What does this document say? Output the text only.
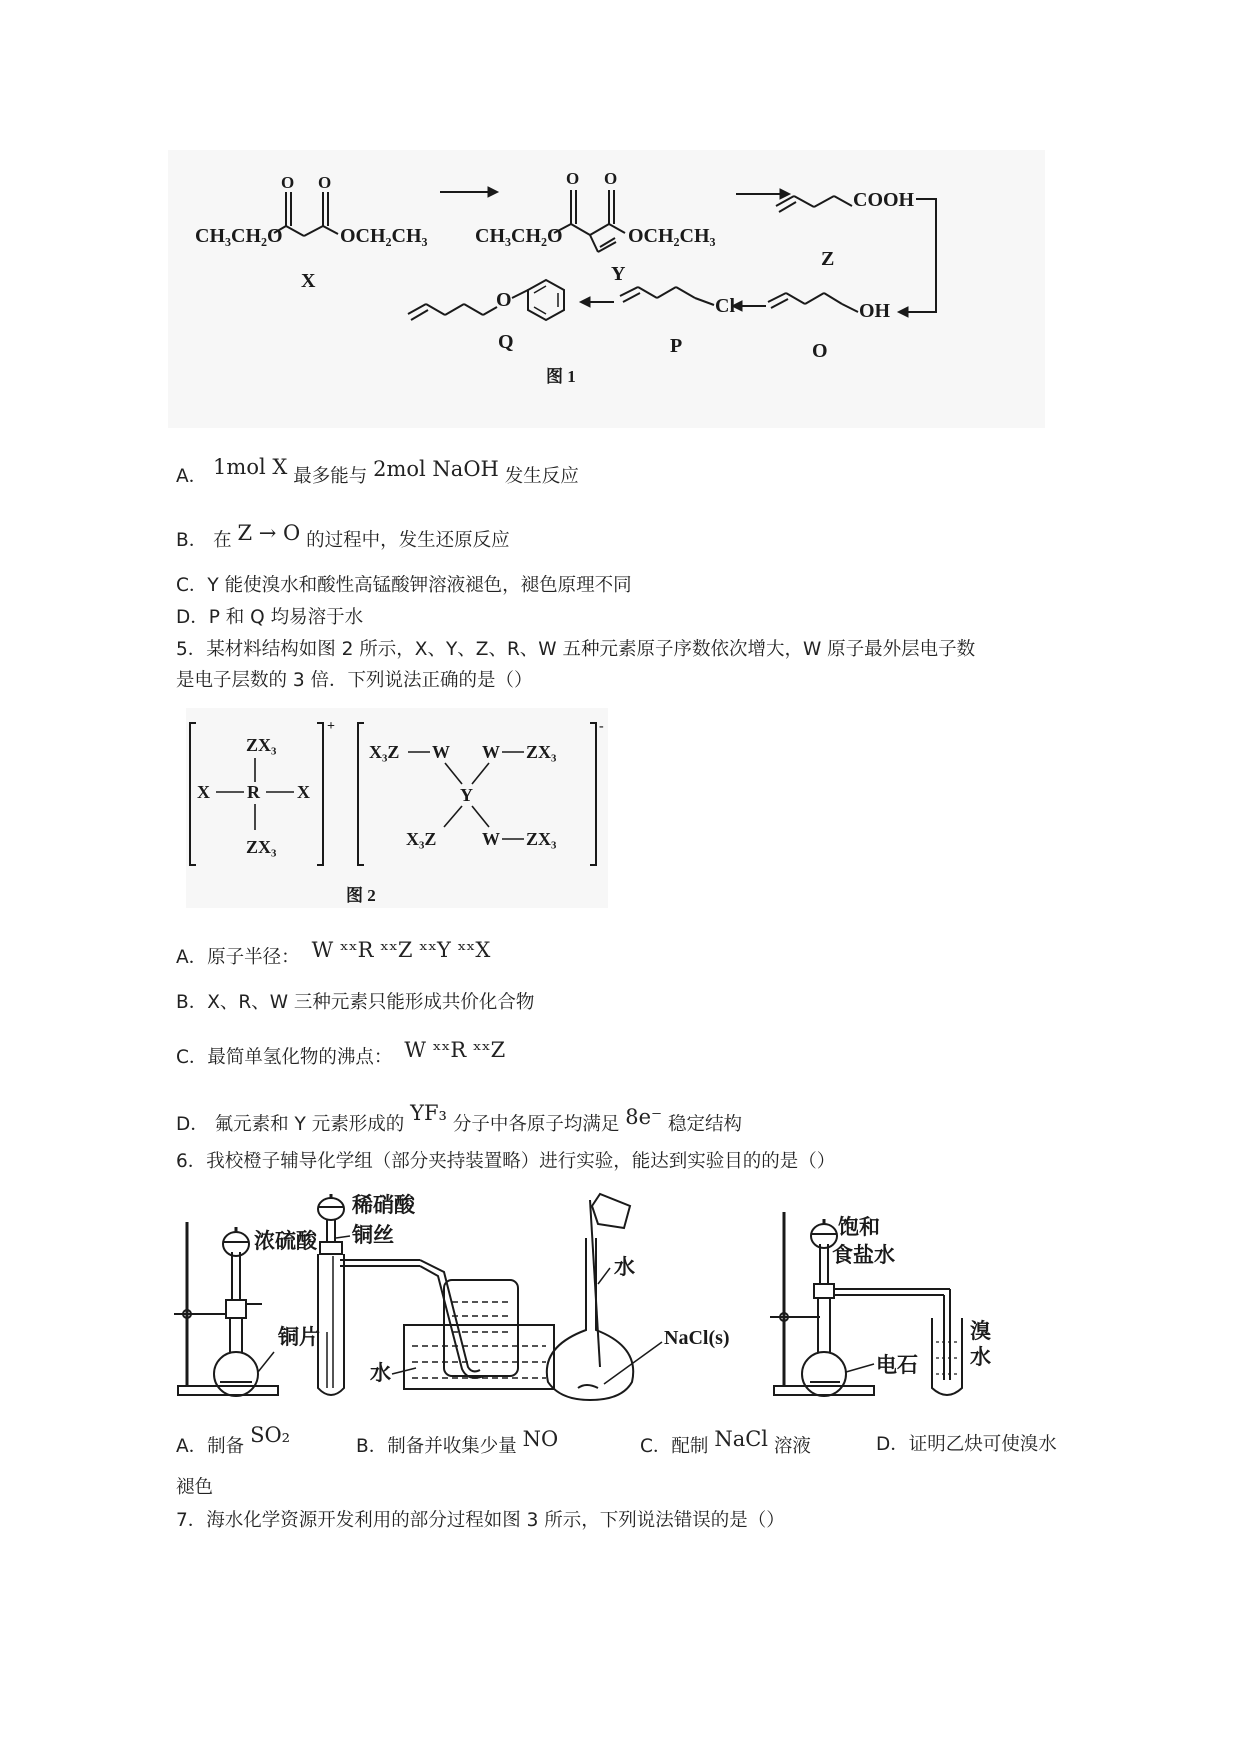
CH₃CH₂O
O O
OCH₂CH₃
X
CH₃CH₂O
O O
OCH₂CH₃
Y
COOH
Z
OH
O
Cl
P
O
Q
图 1
A． 1mol X 最多能与 2mol NaOH 发生反应
B． 在 Z → O 的过程中，发生还原反应
C．Y 能使溴水和酸性高锰酸钾溶液褪色，褪色原理不同
D．P 和 Q 均易溶于水
5．某材料结构如图 2 所示，X、Y、Z、R、W 五种元素原子序数依次增大，W 原子最外层电子数
是电子层数的 3 倍．下列说法正确的是（）
+
ZX₃
X R X
ZX₃
-
X₃Z W W ZX₃
Y
X₃Z	W ZX₃
图 2
A．原子半径： W ˣˣR ˣˣZ ˣˣY ˣˣX
B．X、R、W 三种元素只能形成共价化合物
C．最简单氢化物的沸点： W ˣˣR ˣˣZ
D． 氟元素和 Y 元素形成的 YF₃ 分子中各原子均满足 8e⁻ 稳定结构
6．我校橙子辅导化学组（部分夹持装置略）进行实验，能达到实验目的的是（）
浓硫酸
铜片
稀硝酸
铜丝
水
水
NaCl(s)
饱和
食盐水
电石
溴
水
A．制备 SO₂	B．制备并收集少量 NO	C．配制 NaCl 溶液	D．证明乙炔可使溴水
褪色
7．海水化学资源开发利用的部分过程如图 3 所示，下列说法错误的是（）
